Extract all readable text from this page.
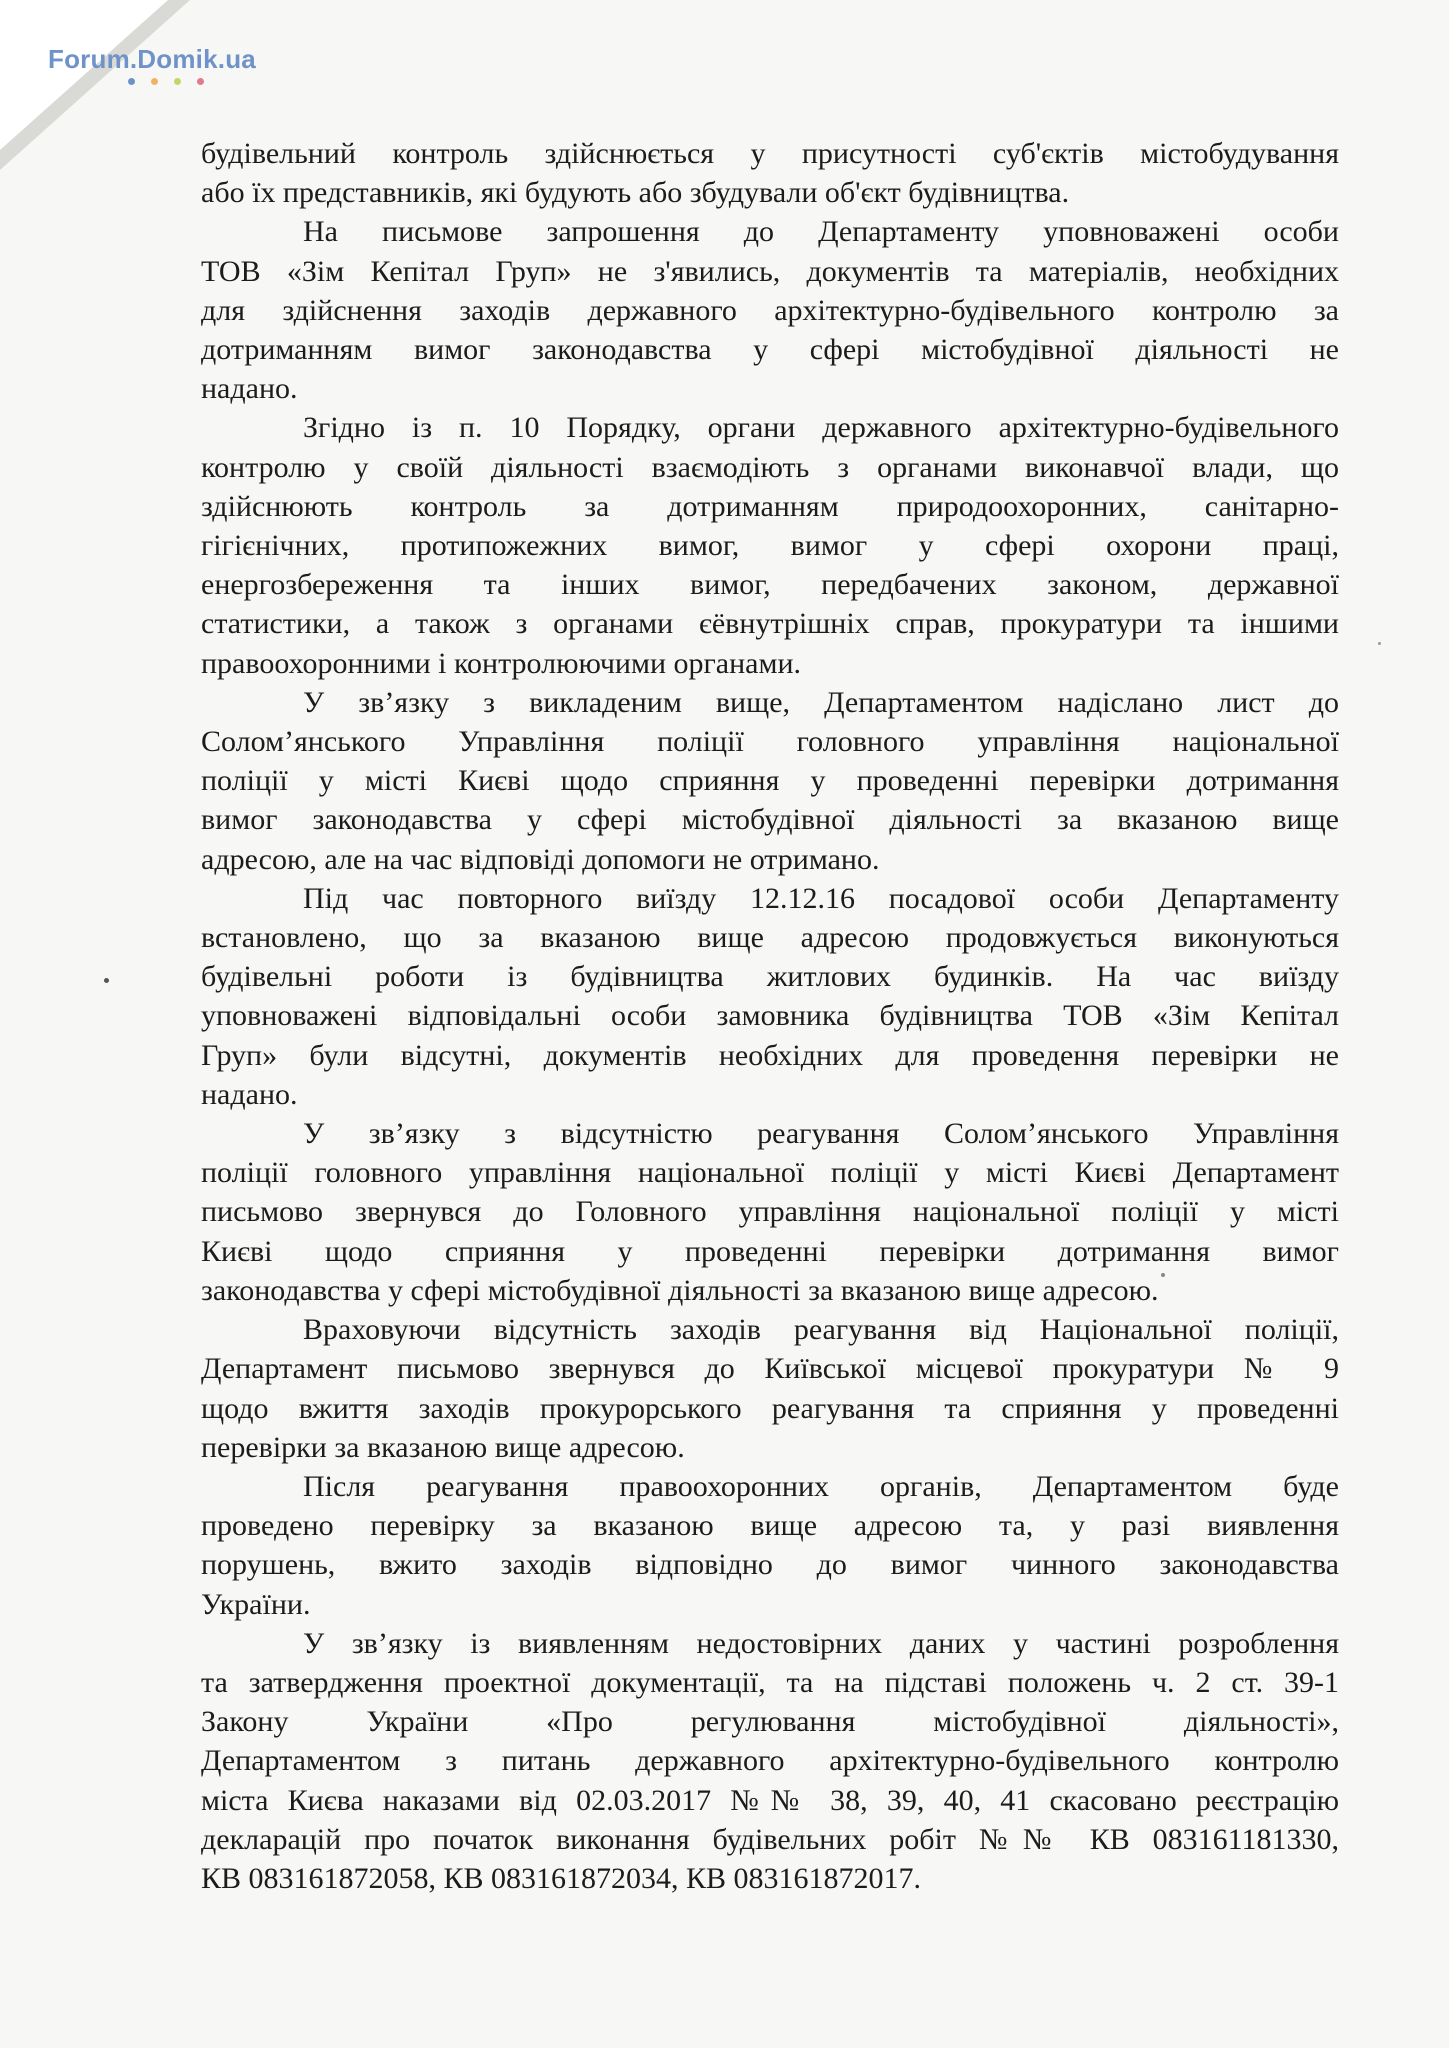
Forum.Domik.ua

будівельний контроль здійснюється у присутності суб'єктів містобудування
або їх представників, які будують або збудували об'єкт будівництва.

На письмове запрошення до Департаменту уповноважені особи
ТОВ «Зім Кепітал Груп» не з'явились, документів та матеріалів, необхідних
для здійснення заходів державного архітектурно-будівельного контролю за
дотриманням вимог законодавства у сфері містобудівної діяльності не
надано.

Згідно із п. 10 Порядку, органи державного архітектурно-будівельного
контролю у своїй діяльності взаємодіють з органами виконавчої влади, що
здійснюють контроль за дотриманням природоохоронних, санітарно-
гігієнічних, протипожежних вимог, вимог у сфері охорони праці,
енергозбереження та інших вимог, передбачених законом, державної
статистики, а також з органами єёвнутрішніх справ, прокуратури та іншими
правоохоронними і контролюючими органами.

У зв’язку з викладеним вище, Департаментом надіслано лист до
Солом’янського Управління поліції головного управління національної
поліції у місті Києві щодо сприяння у проведенні перевірки дотримання
вимог законодавства у сфері містобудівної діяльності за вказаною вище
адресою, але на час відповіді допомоги не отримано.

Під час повторного виїзду 12.12.16 посадової особи Департаменту
встановлено, що за вказаною вище адресою продовжується виконуються
будівельні роботи із будівництва житлових будинків. На час виїзду
уповноважені відповідальні особи замовника будівництва ТОВ «Зім Кепітал
Груп» були відсутні, документів необхідних для проведення перевірки не
надано.

У зв’язку з відсутністю реагування Солом’янського Управління
поліції головного управління національної поліції у місті Києві Департамент
письмово звернувся до Головного управління національної поліції у місті
Києві щодо сприяння у проведенні перевірки дотримання вимог
законодавства у сфері містобудівної діяльності за вказаною вище адресою.

Враховуючи відсутність заходів реагування від Національної поліції,
Департамент письмово звернувся до Київської місцевої прокуратури № 9
щодо вжиття заходів прокурорського реагування та сприяння у проведенні
перевірки за вказаною вище адресою.

Після реагування правоохоронних органів, Департаментом буде
проведено перевірку за вказаною вище адресою та, у разі виявлення
порушень, вжито заходів відповідно до вимог чинного законодавства
України.

У зв’язку із виявленням недостовірних даних у частині розроблення
та затвердження проектної документації, та на підставі положень ч. 2 ст. 39-1
Закону України «Про регулювання містобудівної діяльності»,
Департаментом з питань державного архітектурно-будівельного контролю
міста Києва наказами від 02.03.2017 №№ 38, 39, 40, 41 скасовано реєстрацію
декларацій про початок виконання будівельних робіт №№ КВ 083161181330,
КВ 083161872058, КВ 083161872034, КВ 083161872017.
